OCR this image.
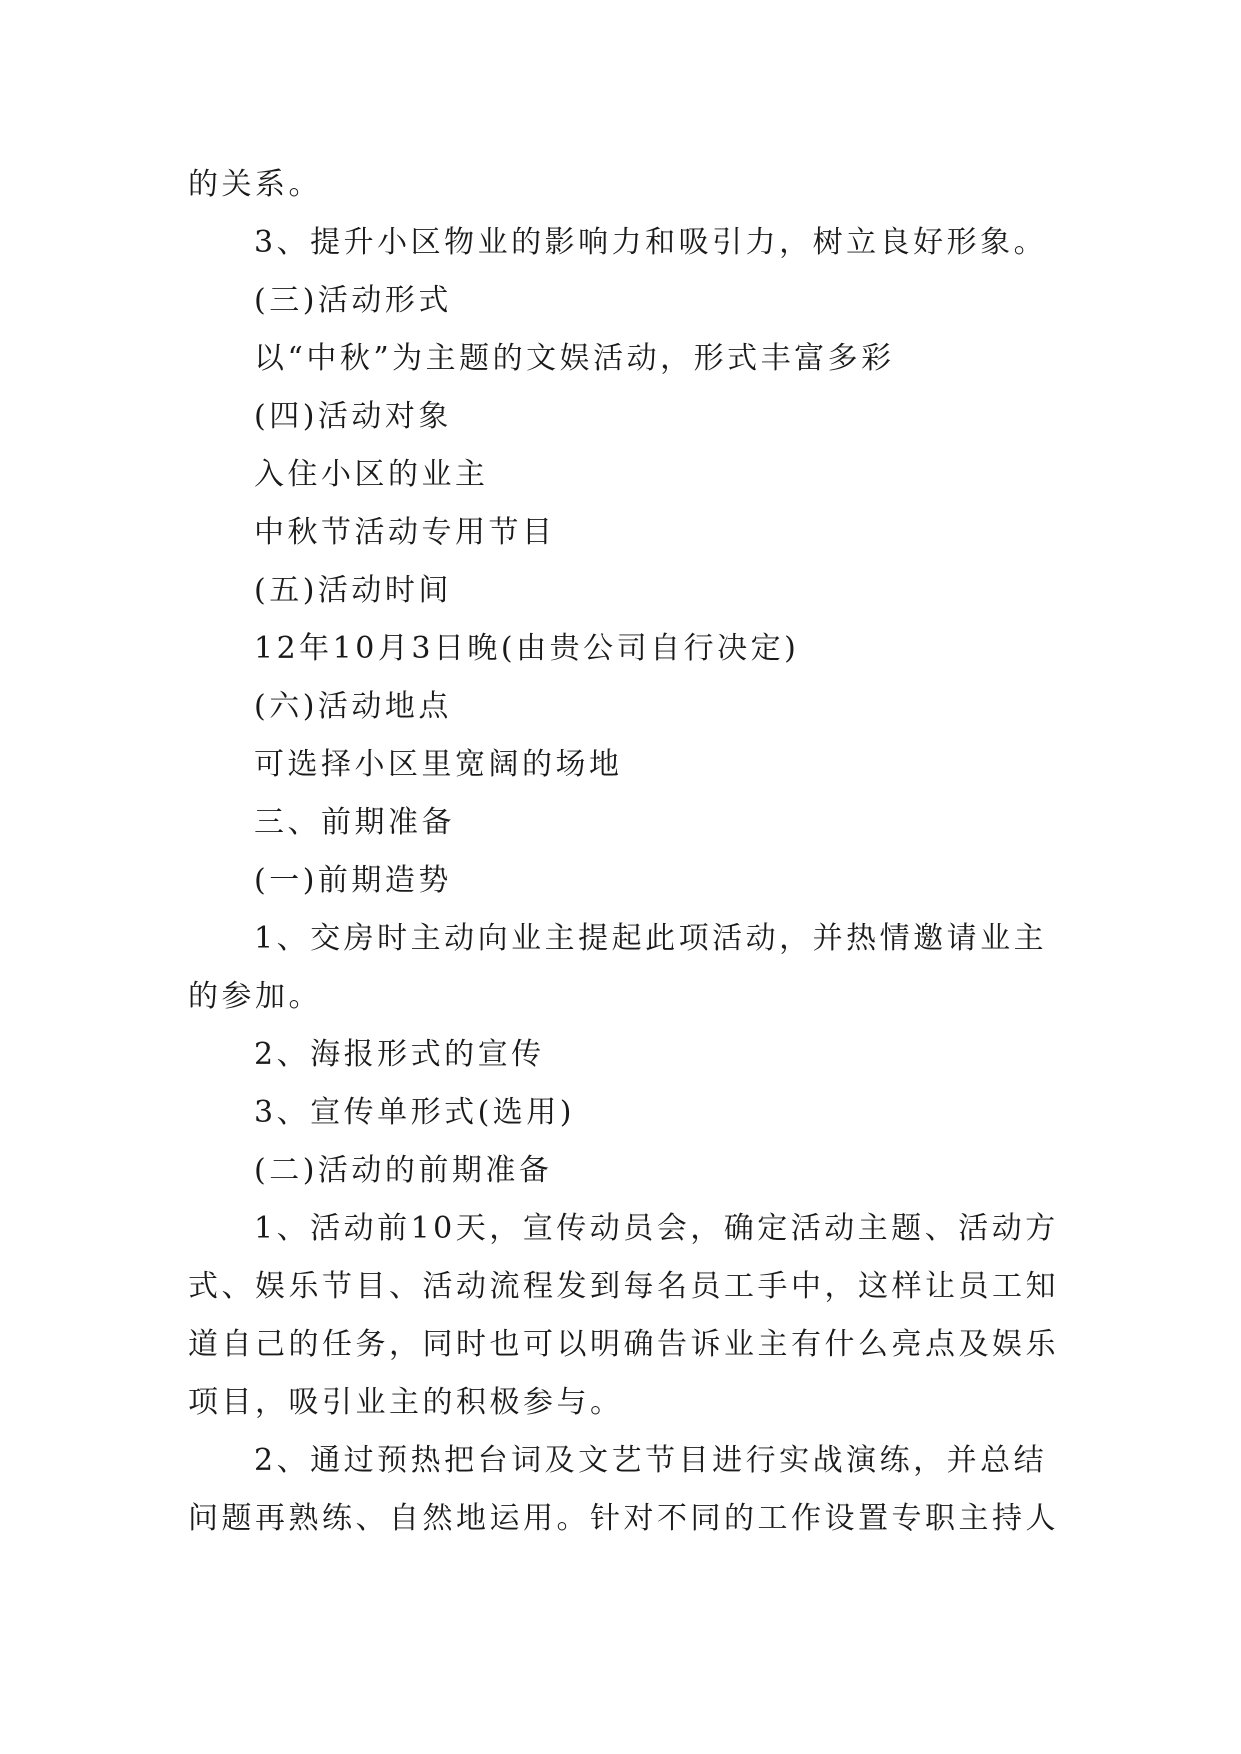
的关系。
3、提升小区物业的影响力和吸引力，树立良好形象。
(三)活动形式
以“中秋”为主题的文娱活动，形式丰富多彩
(四)活动对象
入住小区的业主
中秋节活动专用节目
(五)活动时间
12年10月3日晚(由贵公司自行决定)
(六)活动地点
可选择小区里宽阔的场地
三、前期准备
(一)前期造势
1、交房时主动向业主提起此项活动，并热情邀请业主
的参加。
2、海报形式的宣传
3、宣传单形式(选用)
(二)活动的前期准备
1、活动前10天，宣传动员会，确定活动主题、活动方
式、娱乐节目、活动流程发到每名员工手中，这样让员工知
道自己的任务，同时也可以明确告诉业主有什么亮点及娱乐
项目，吸引业主的积极参与。
2、通过预热把台词及文艺节目进行实战演练，并总结
问题再熟练、自然地运用。针对不同的工作设置专职主持人
